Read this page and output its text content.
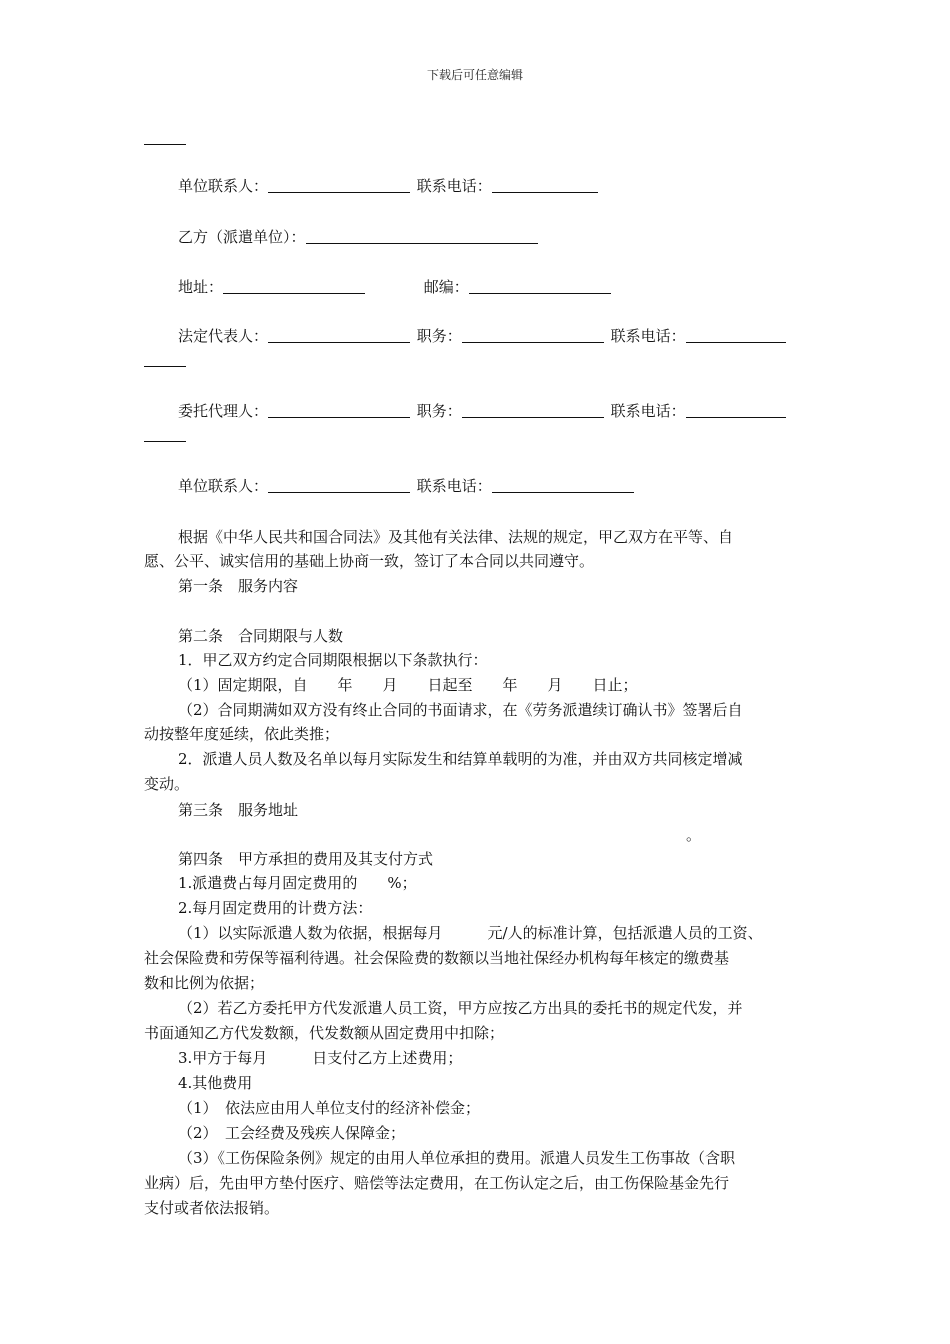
下载后可任意编辑
单位联系人：	联系电话：
乙方（派遣单位）：
地址：	邮编：
法定代表人：	职务：	联系电话：
委托代理人：	职务：	联系电话：
单位联系人：	联系电话：
根据《中华人民共和国合同法》及其他有关法律、法规的规定，甲乙双方在平等、自
愿、公平、诚实信用的基础上协商一致，签订了本合同以共同遵守。
第一条　服务内容
第二条　合同期限与人数
1．甲乙双方约定合同期限根据以下条款执行：
（1）固定期限，自　　年　　月　　日起至　　年　　月　　日止；
（2）合同期满如双方没有终止合同的书面请求，在《劳务派遣续订确认书》签署后自
动按整年度延续，依此类推；
2．派遣人员人数及名单以每月实际发生和结算单载明的为准，并由双方共同核定增减
变动。
第三条　服务地址
。
第四条　甲方承担的费用及其支付方式
1.派遣费占每月固定费用的　　%；
2.每月固定费用的计费方法：
（1）以实际派遣人数为依据，根据每月　　　元/人的标准计算，包括派遣人员的工资、
社会保险费和劳保等福利待遇。社会保险费的数额以当地社保经办机构每年核定的缴费基
数和比例为依据；
（2）若乙方委托甲方代发派遣人员工资，甲方应按乙方出具的委托书的规定代发，并
书面通知乙方代发数额，代发数额从固定费用中扣除；
3.甲方于每月　　　日支付乙方上述费用；
4.其他费用
（1）　依法应由用人单位支付的经济补偿金；
（2）　工会经费及残疾人保障金；
（3）《工伤保险条例》规定的由用人单位承担的费用。派遣人员发生工伤事故（含职
业病）后，先由甲方垫付医疗、赔偿等法定费用，在工伤认定之后，由工伤保险基金先行
支付或者依法报销。
